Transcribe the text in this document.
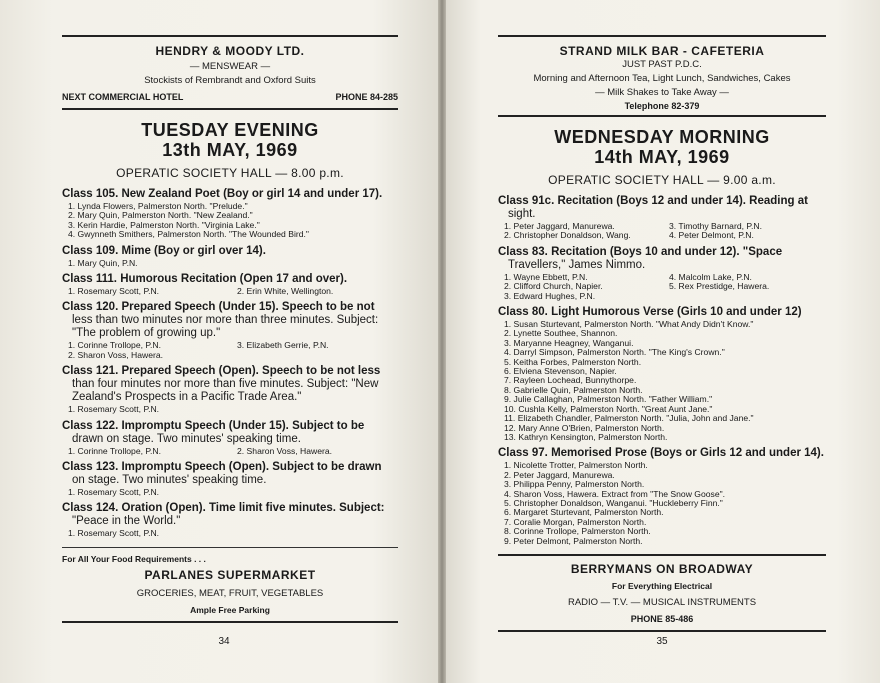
HENDRY & MOODY LTD.
— MENSWEAR —
Stockists of Rembrandt and Oxford Suits
NEXT COMMERCIAL HOTEL	PHONE 84-285
TUESDAY EVENING
13th MAY, 1969
OPERATIC SOCIETY HALL — 8.00 p.m.
Class 105. New Zealand Poet (Boy or girl 14 and under 17).
1. Lynda Flowers, Palmerston North. "Prelude."
2. Mary Quin, Palmerston North. "New Zealand."
3. Kerin Hardie, Palmerston North. "Virginia Lake."
4. Gwynneth Smithers, Palmerston North. "The Wounded Bird."
Class 109. Mime (Boy or girl over 14).
1. Mary Quin, P.N.
Class 111. Humorous Recitation (Open 17 and over).
1. Rosemary Scott, P.N.	2. Erin White, Wellington.
Class 120. Prepared Speech (Under 15). Speech to be not
less than two minutes nor more than three minutes. Subject: "The problem of growing up."
1. Corinne Trollope, P.N.	3. Elizabeth Gerrie, P.N.
2. Sharon Voss, Hawera.
Class 121. Prepared Speech (Open). Speech to be not less
than four minutes nor more than five minutes. Subject: "New Zealand's Prospects in a Pacific Trade Area."
1. Rosemary Scott, P.N.
Class 122. Impromptu Speech (Under 15). Subject to be
drawn on stage. Two minutes' speaking time.
1. Corinne Trollope, P.N.	2. Sharon Voss, Hawera.
Class 123. Impromptu Speech (Open). Subject to be drawn
on stage. Two minutes' speaking time.
1. Rosemary Scott, P.N.
Class 124. Oration (Open). Time limit five minutes. Subject:
"Peace in the World."
1. Rosemary Scott, P.N.
For All Your Food Requirements . . .
PARLANES SUPERMARKET
GROCERIES, MEAT, FRUIT, VEGETABLES
Ample Free Parking
34
STRAND MILK BAR - CAFETERIA
JUST PAST P.D.C.
Morning and Afternoon Tea, Light Lunch, Sandwiches, Cakes
— Milk Shakes to Take Away —
Telephone 82-379
WEDNESDAY MORNING
14th MAY, 1969
OPERATIC SOCIETY HALL — 9.00 a.m.
Class 91c. Recitation (Boys 12 and under 14). Reading at
sight.
1. Peter Jaggard, Manurewa.	3. Timothy Barnard, P.N.
2. Christopher Donaldson, Wang.	4. Peter Delmont, P.N.
Class 83. Recitation (Boys 10 and under 12). "Space
Travellers," James Nimmo.
1. Wayne Ebbett, P.N.	4. Malcolm Lake, P.N.
2. Clifford Church, Napier.	5. Rex Prestidge, Hawera.
3. Edward Hughes, P.N.
Class 80. Light Humorous Verse (Girls 10 and under 12)
1. Susan Sturtevant, Palmerston North. "What Andy Didn't Know."
2. Lynette Southee, Shannon.
3. Maryanne Heagney, Wanganui.
4. Darryl Simpson, Palmerston North. "The King's Crown."
5. Keitha Forbes, Palmerston North.
6. Elviena Stevenson, Napier.
7. Rayleen Lochead, Bunnythorpe.
8. Gabrielle Quin, Palmerston North.
9. Julie Callaghan, Palmerston North. "Father William."
10. Cushla Kelly, Palmerston North. "Great Aunt Jane."
11. Elizabeth Chandler, Palmerston North. "Julia, John and Jane."
12. Mary Anne O'Brien, Palmerston North.
13. Kathryn Kensington, Palmerston North.
Class 97. Memorised Prose (Boys or Girls 12 and under 14).
1. Nicolette Trotter, Palmerston North.
2. Peter Jaggard, Manurewa.
3. Philippa Penny, Palmerston North.
4. Sharon Voss, Hawera. Extract from "The Snow Goose".
5. Christopher Donaldson, Wanganui. "Huckleberry Finn."
6. Margaret Sturtevant, Palmerston North.
7. Coralie Morgan, Palmerston North.
8. Corinne Trollope, Palmerston North.
9. Peter Delmont, Palmerston North.
BERRYMANS ON BROADWAY
For Everything Electrical
RADIO — T.V. — MUSICAL INSTRUMENTS
PHONE 85-486
35
